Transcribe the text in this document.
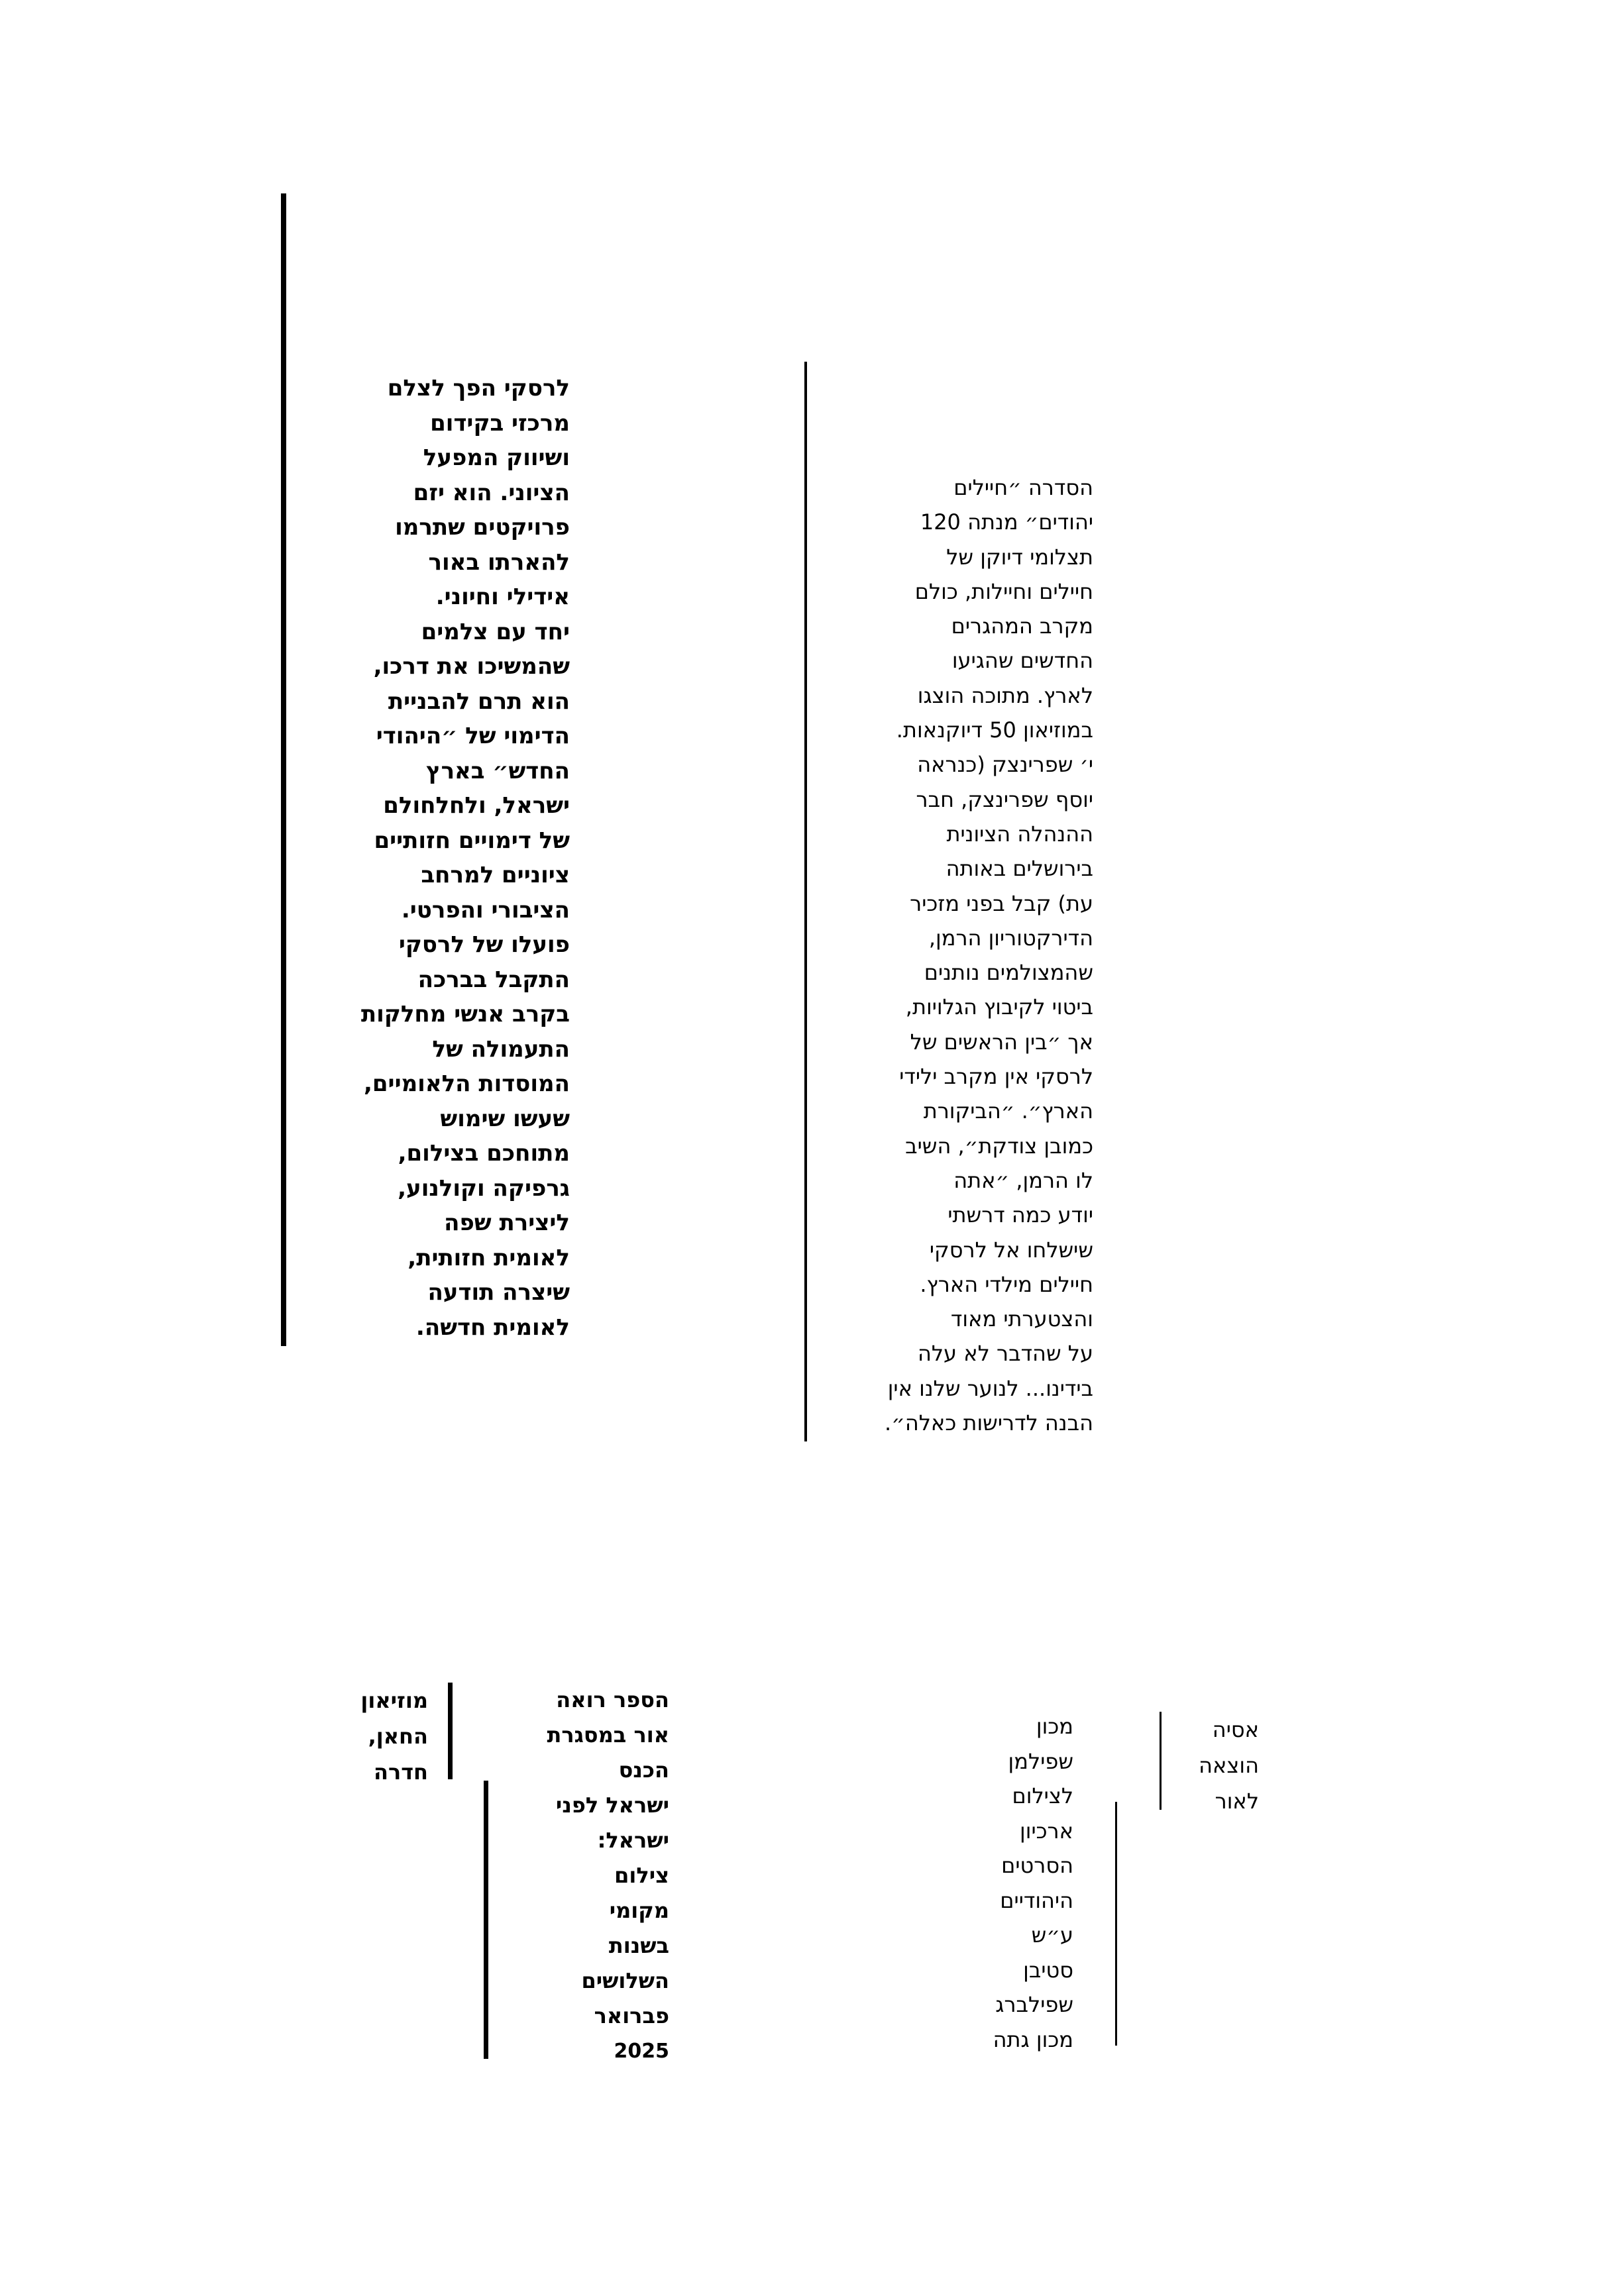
לרסקי הפך לצלם
מרכזי בקידום
ושיווק המפעל
הציוני. הוא יזם
פרויקטים שתרמו
להארתו באור
אידילי וחיוני.
יחד עם צלמים
שהמשיכו את דרכו,
הוא תרם להבניית
הדימוי של ״היהודי
החדש״ בארץ
ישראל, ולחלחולם
של דימויים חזותיים
ציוניים למרחב
הציבורי והפרטי.
פועלו של לרסקי
התקבל בברכה
בקרב אנשי מחלקות
התעמולה של
המוסדות הלאומיים,
שעשו שימוש
מתוחכם בצילום,
גרפיקה וקולנוע,
ליצירת שפה
לאומית חזותית,
שיצרה תודעה
לאומית חדשה.

הסדרה ״חיילים
יהודים״ מנתה 120
תצלומי דיוקן של
חיילים וחיילות, כולם
מקרב המהגרים
החדשים שהגיעו
לארץ. מתוכה הוצגו
במוזיאון 50 דיוקנאות.
י׳ שפרינצק (כנראה
יוסף שפרינצק, חבר
ההנהלה הציונית
בירושלים באותה
עת) קבל בפני מזכיר
הדירקטוריון הרמן,
שהמצולמים נותנים
ביטוי לקיבוץ הגלויות,
אך ״בין הראשים של
לרסקי אין מקרב ילידי
הארץ״. ״הביקורת
כמובן צודקת״, השיב
לו הרמן, ״אתה
יודע כמה דרשתי
שישלחו אל לרסקי
חיילים מילדי הארץ.
והצטערתי מאוד
על שהדבר לא עלה
בידינו... לנוער שלנו אין
הבנה לדרישות כאלה״.

מוזיאון
החאן,
חדרה

הספר רואה
אור במסגרת
הכנס
ישראל לפני
ישראל:
צילום
מקומי
בשנות
השלושים
פברואר
2025

מכון
שפילמן
לצילום
ארכיון
הסרטים
היהודיים
ע״ש
סטיבן
שפילברג
מכון גתה

אסיה
הוצאה
לאור
